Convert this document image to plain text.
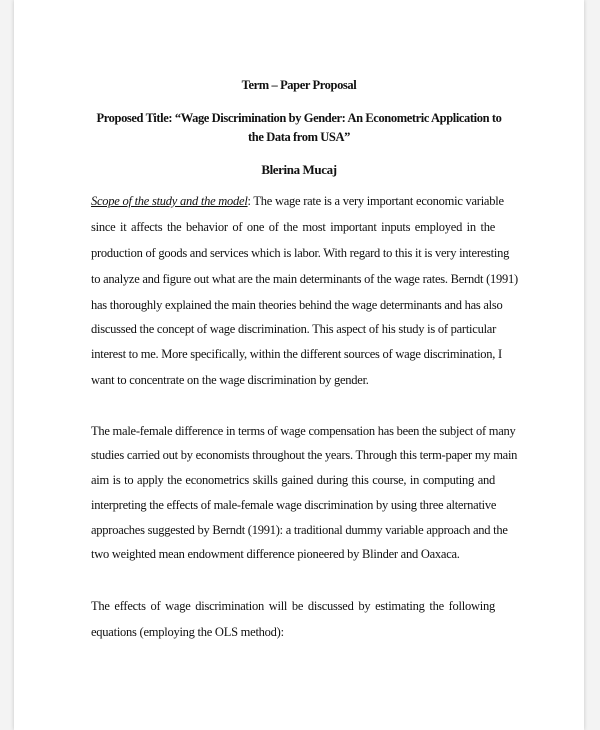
Term – Paper Proposal
Proposed Title: “Wage Discrimination by Gender: An Econometric Application to
the Data from USA”
Blerina Mucaj
Scope of the study and the model: The wage rate is a very important economic variable
since it affects the behavior of one of the most important inputs employed in the
production of goods and services which is labor. With regard to this it is very interesting
to analyze and figure out what are the main determinants of the wage rates. Berndt (1991)
has thoroughly explained the main theories behind the wage determinants and has also
discussed the concept of wage discrimination. This aspect of his study is of particular
interest to me. More specifically, within the different sources of wage discrimination, I
want to concentrate on the wage discrimination by gender.
The male-female difference in terms of wage compensation has been the subject of many
studies carried out by economists throughout the years. Through this term-paper my main
aim is to apply the econometrics skills gained during this course, in computing and
interpreting the effects of male-female wage discrimination by using three alternative
approaches suggested by Berndt (1991): a traditional dummy variable approach and the
two weighted mean endowment difference pioneered by Blinder and Oaxaca.
The effects of wage discrimination will be discussed by estimating the following
equations (employing the OLS method):
